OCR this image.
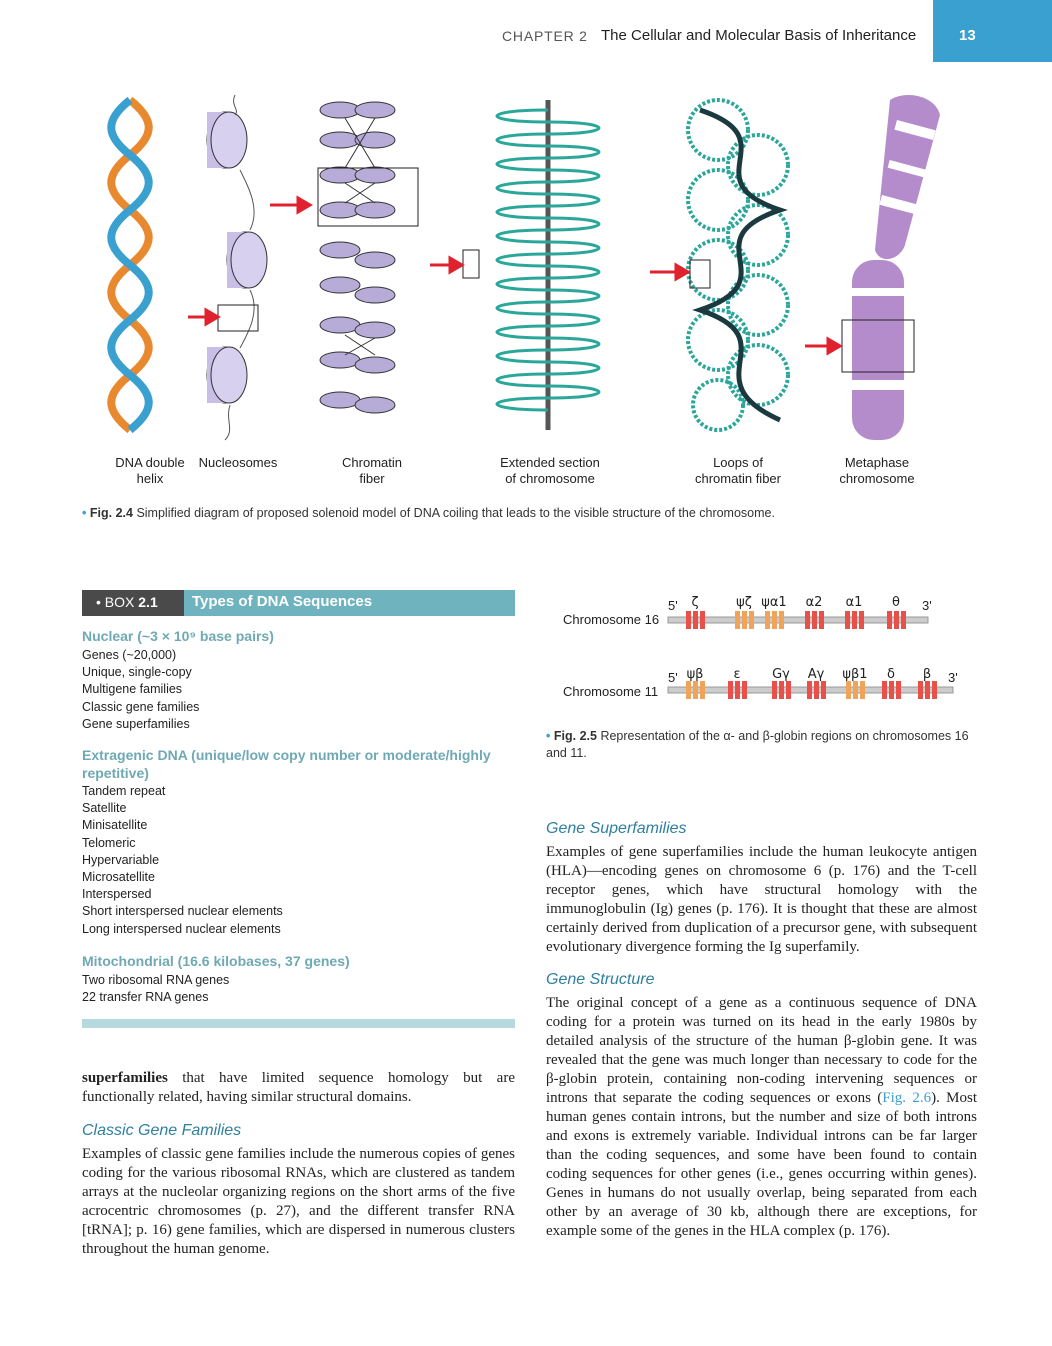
CHAPTER 2 The Cellular and Molecular Basis of Inheritance	13
DNA double
helix
Nucleosomes	Chromatin
fiber
Extended section
of chromosome
Loops of
chromatin fiber
Metaphase
chromosome
• Fig. 2.4 Simplified diagram of proposed solenoid model of DNA coiling that leads to the visible structure of the chromosome.
• BOX 2.1	Types of DNA Sequences
Nuclear (~3 × 10⁹ base pairs)
Genes (~20,000)
Unique, single-copy
Multigene families
Classic gene families
Gene superfamilies
Extragenic DNA (unique/low copy number or moderate/highly repetitive)
Tandem repeat
Satellite
Minisatellite
Telomeric
Hypervariable
Microsatellite
Interspersed
Short interspersed nuclear elements
Long interspersed nuclear elements
Mitochondrial (16.6 kilobases, 37 genes)
Two ribosomal RNA genes
22 transfer RNA genes
superfamilies that have limited sequence homology but are functionally related, having similar structural domains.
Classic Gene Families
Examples of classic gene families include the numerous copies of genes coding for the various ribosomal RNAs, which are clustered as tandem arrays at the nucleolar organizing regions on the short arms of the five acrocentric chromosomes (p. 27), and the different transfer RNA [tRNA]; p. 16) gene families, which are dispersed in numerous clusters throughout the human genome.
5'	3'
5'	3'
ζ	ψζ ψα1 α2 α1 θ
ψβ ε Gγ Aγ ψβ1 δ β
Chromosome 16
Chromosome 11
• Fig. 2.5 Representation of the α- and β-globin regions on chromosomes 16 and 11.
Gene Superfamilies
Examples of gene superfamilies include the human leukocyte antigen (HLA)—encoding genes on chromosome 6 (p. 176) and the T-cell receptor genes, which have structural homology with the immunoglobulin (Ig) genes (p. 176). It is thought that these are almost certainly derived from duplication of a precursor gene, with subsequent evolutionary divergence forming the Ig superfamily.
Gene Structure
The original concept of a gene as a continuous sequence of DNA coding for a protein was turned on its head in the early 1980s by detailed analysis of the structure of the human β-globin gene. It was revealed that the gene was much longer than necessary to code for the β-globin protein, containing non-coding intervening sequences or introns that separate the coding sequences or exons (Fig. 2.6). Most human genes contain introns, but the number and size of both introns and exons is extremely variable. Individual introns can be far larger than the coding sequences, and some have been found to contain coding sequences for other genes (i.e., genes occurring within genes). Genes in humans do not usually overlap, being separated from each other by an average of 30 kb, although there are exceptions, for example some of the genes in the HLA complex (p. 176).
